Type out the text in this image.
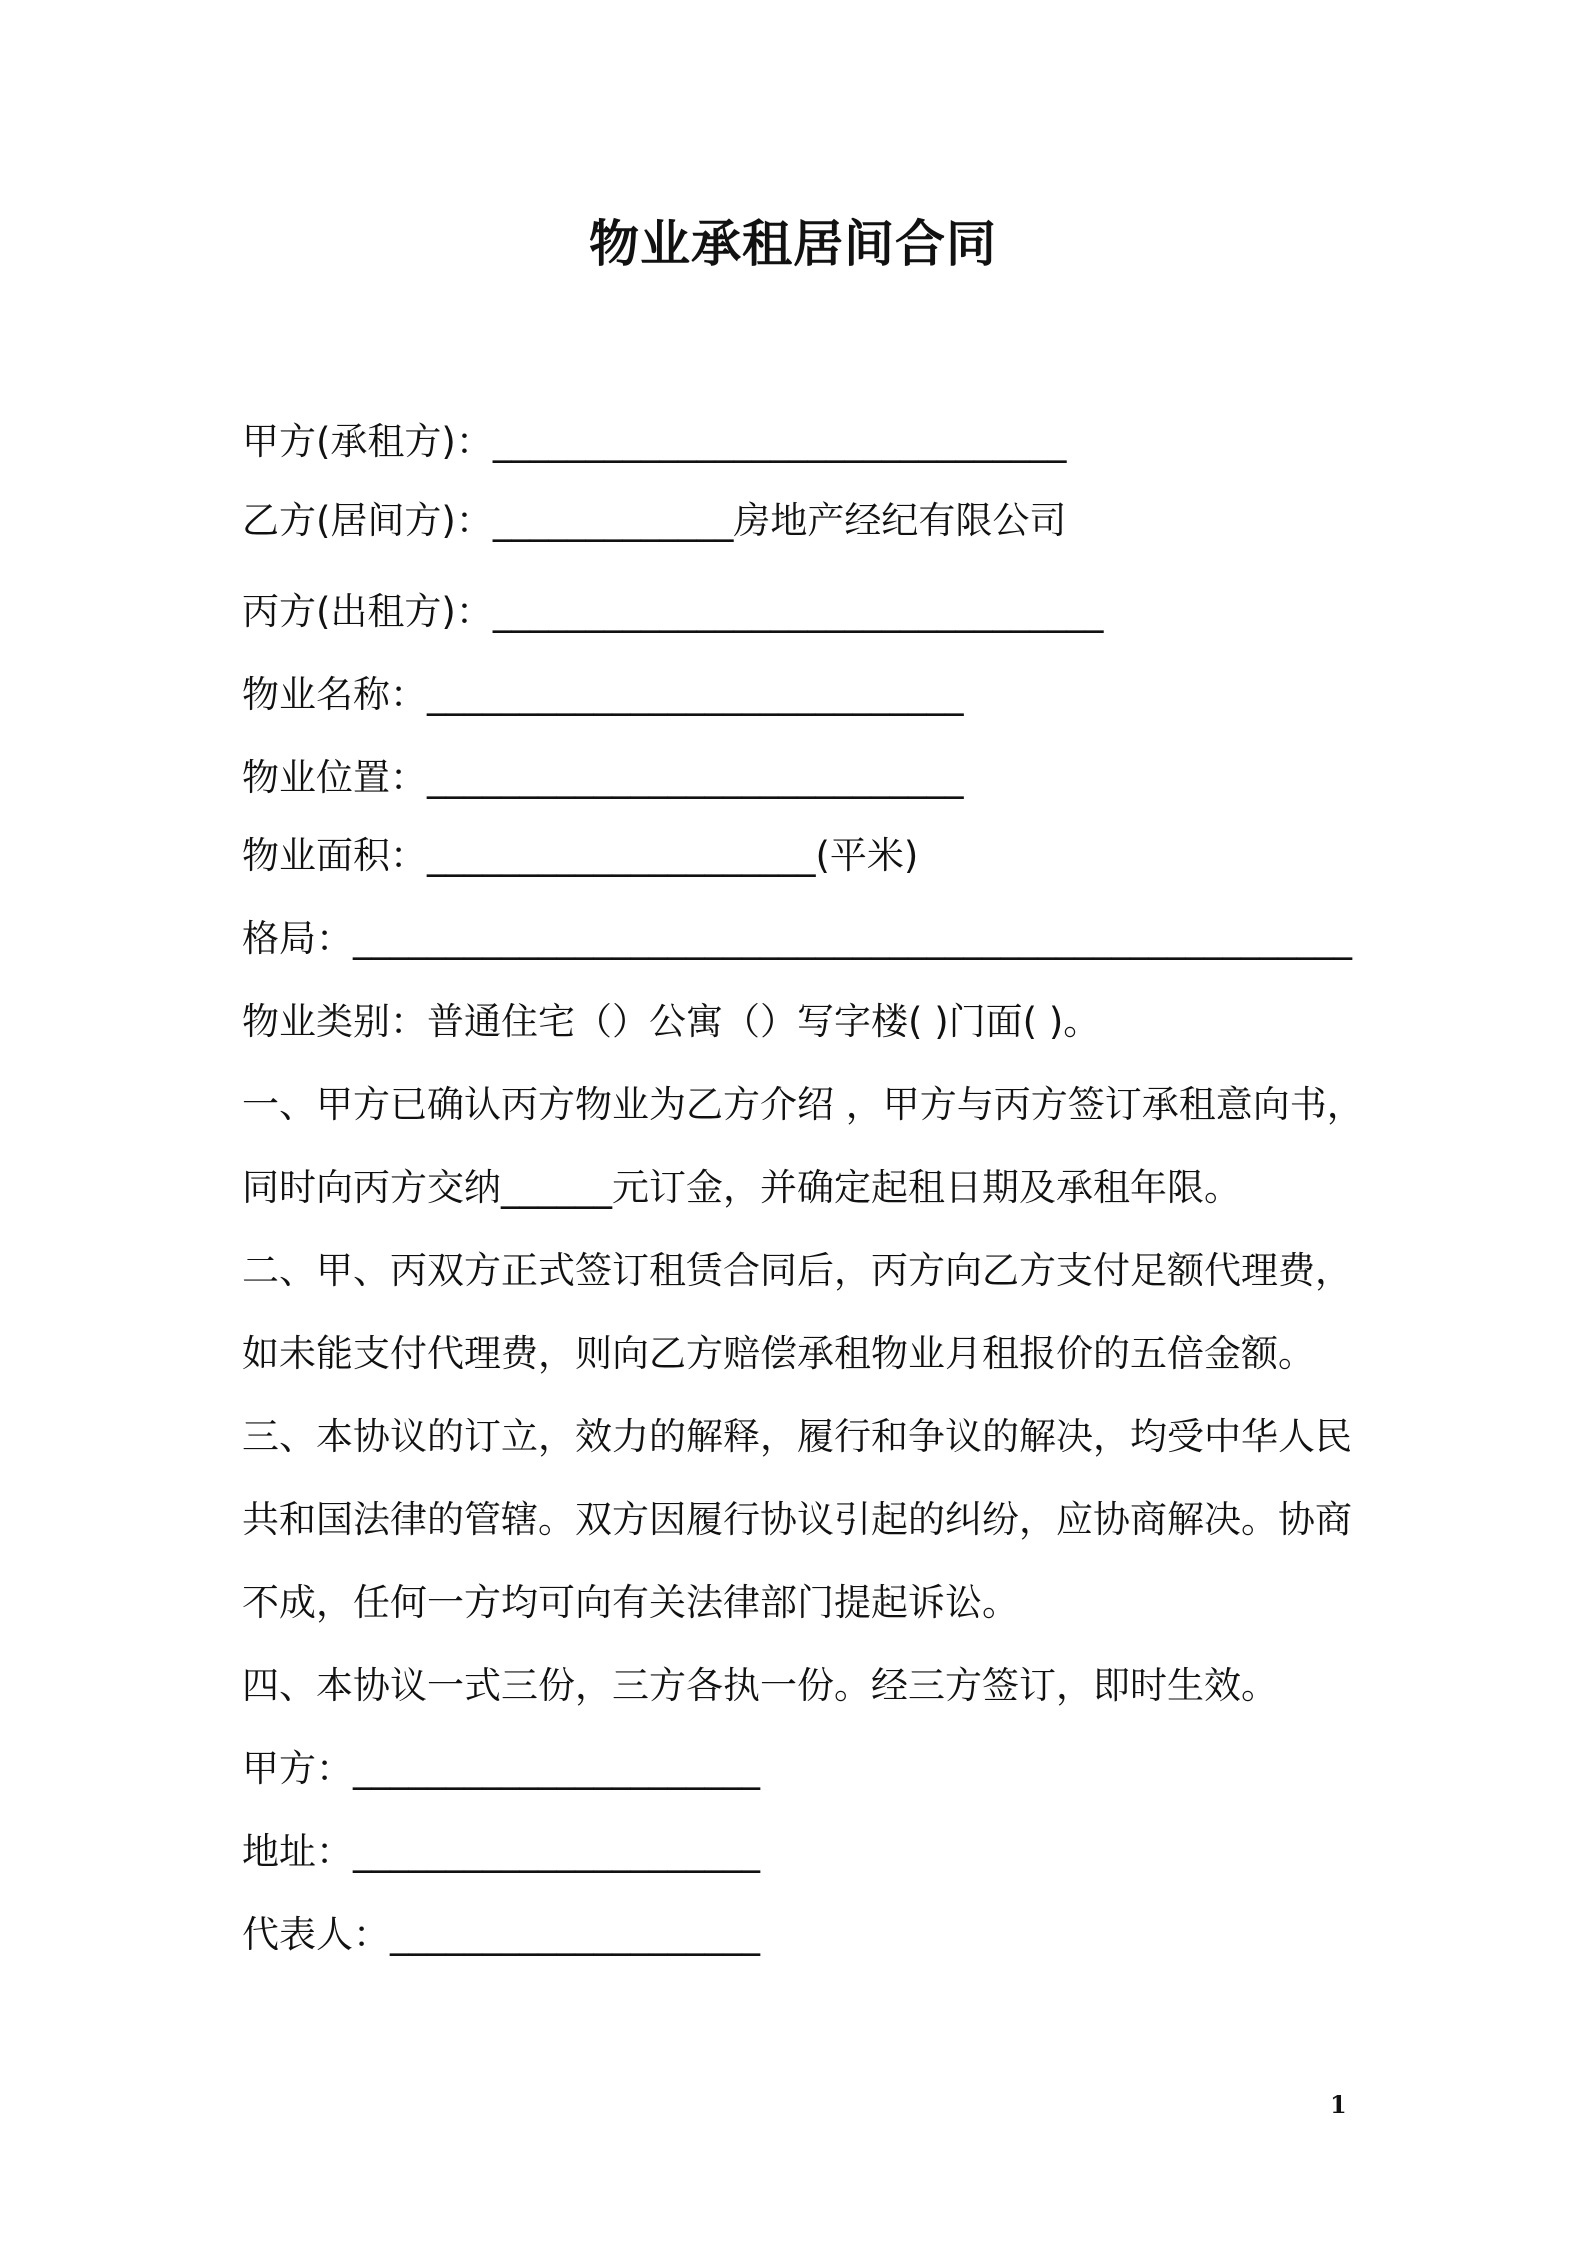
物业承租居间合同
甲方(承租方)：_______________________________
乙方(居间方)：_____________房地产经纪有限公司
丙方(出租方)：_________________________________
物业名称：_____________________________
物业位置：_____________________________
物业面积：_____________________(平米)
格局：______________________________________________________
物业类别：普通住宅（）公寓（）写字楼( )门面( )。
一、甲方已确认丙方物业为乙方介绍 ，甲方与丙方签订承租意向书，
同时向丙方交纳______元订金，并确定起租日期及承租年限。
二、甲、丙双方正式签订租赁合同后，丙方向乙方支付足额代理费，
如未能支付代理费，则向乙方赔偿承租物业月租报价的五倍金额。
三、本协议的订立，效力的解释，履行和争议的解决，均受中华人民
共和国法律的管辖。双方因履行协议引起的纠纷，应协商解决。协商
不成，任何一方均可向有关法律部门提起诉讼。
四、本协议一式三份，三方各执一份。经三方签订，即时生效。
甲方：______________________
地址：______________________
代表人：____________________
1
